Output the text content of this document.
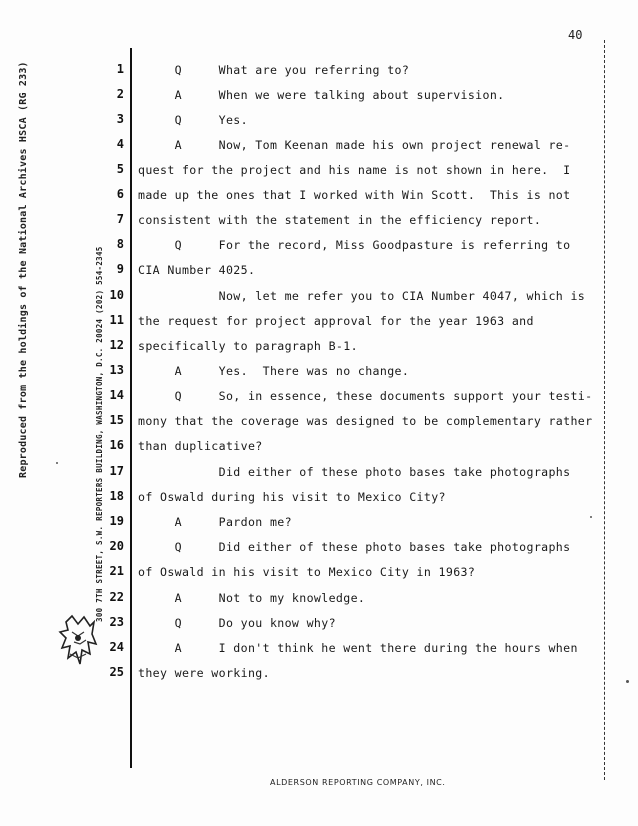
Reproduced from the holdings of the National Archives HSCA (RG 233)	300 7TH STREET, S.W. REPORTERS BUILDING, WASHINGTON, D.C. 20024 (202) 554-2345
40
1 Q     What are you referring to?
2 A     When we were talking about supervision.
3 Q     Yes.
4 A     Now, Tom Keenan made his own project renewal re-
5 quest for the project and his name is not shown in here.  I
6 made up the ones that I worked with Win Scott.  This is not
7 consistent with the statement in the efficiency report.
8 Q     For the record, Miss Goodpasture is referring to
9 CIA Number 4025.
10 Now, let me refer you to CIA Number 4047, which is
11 the request for project approval for the year 1963 and
12 specifically to paragraph B-1.
13 A     Yes.  There was no change.
14 Q     So, in essence, these documents support your testi-
15 mony that the coverage was designed to be complementary rather
16 than duplicative?
17 Did either of these photo bases take photographs
18 of Oswald during his visit to Mexico City?
19 A     Pardon me?
20 Q     Did either of these photo bases take photographs
21 of Oswald in his visit to Mexico City in 1963?
22 A     Not to my knowledge.
23 Q     Do you know why?
24 A     I don't think he went there during the hours when
25 they were working.
ALDERSON REPORTING COMPANY, INC.
